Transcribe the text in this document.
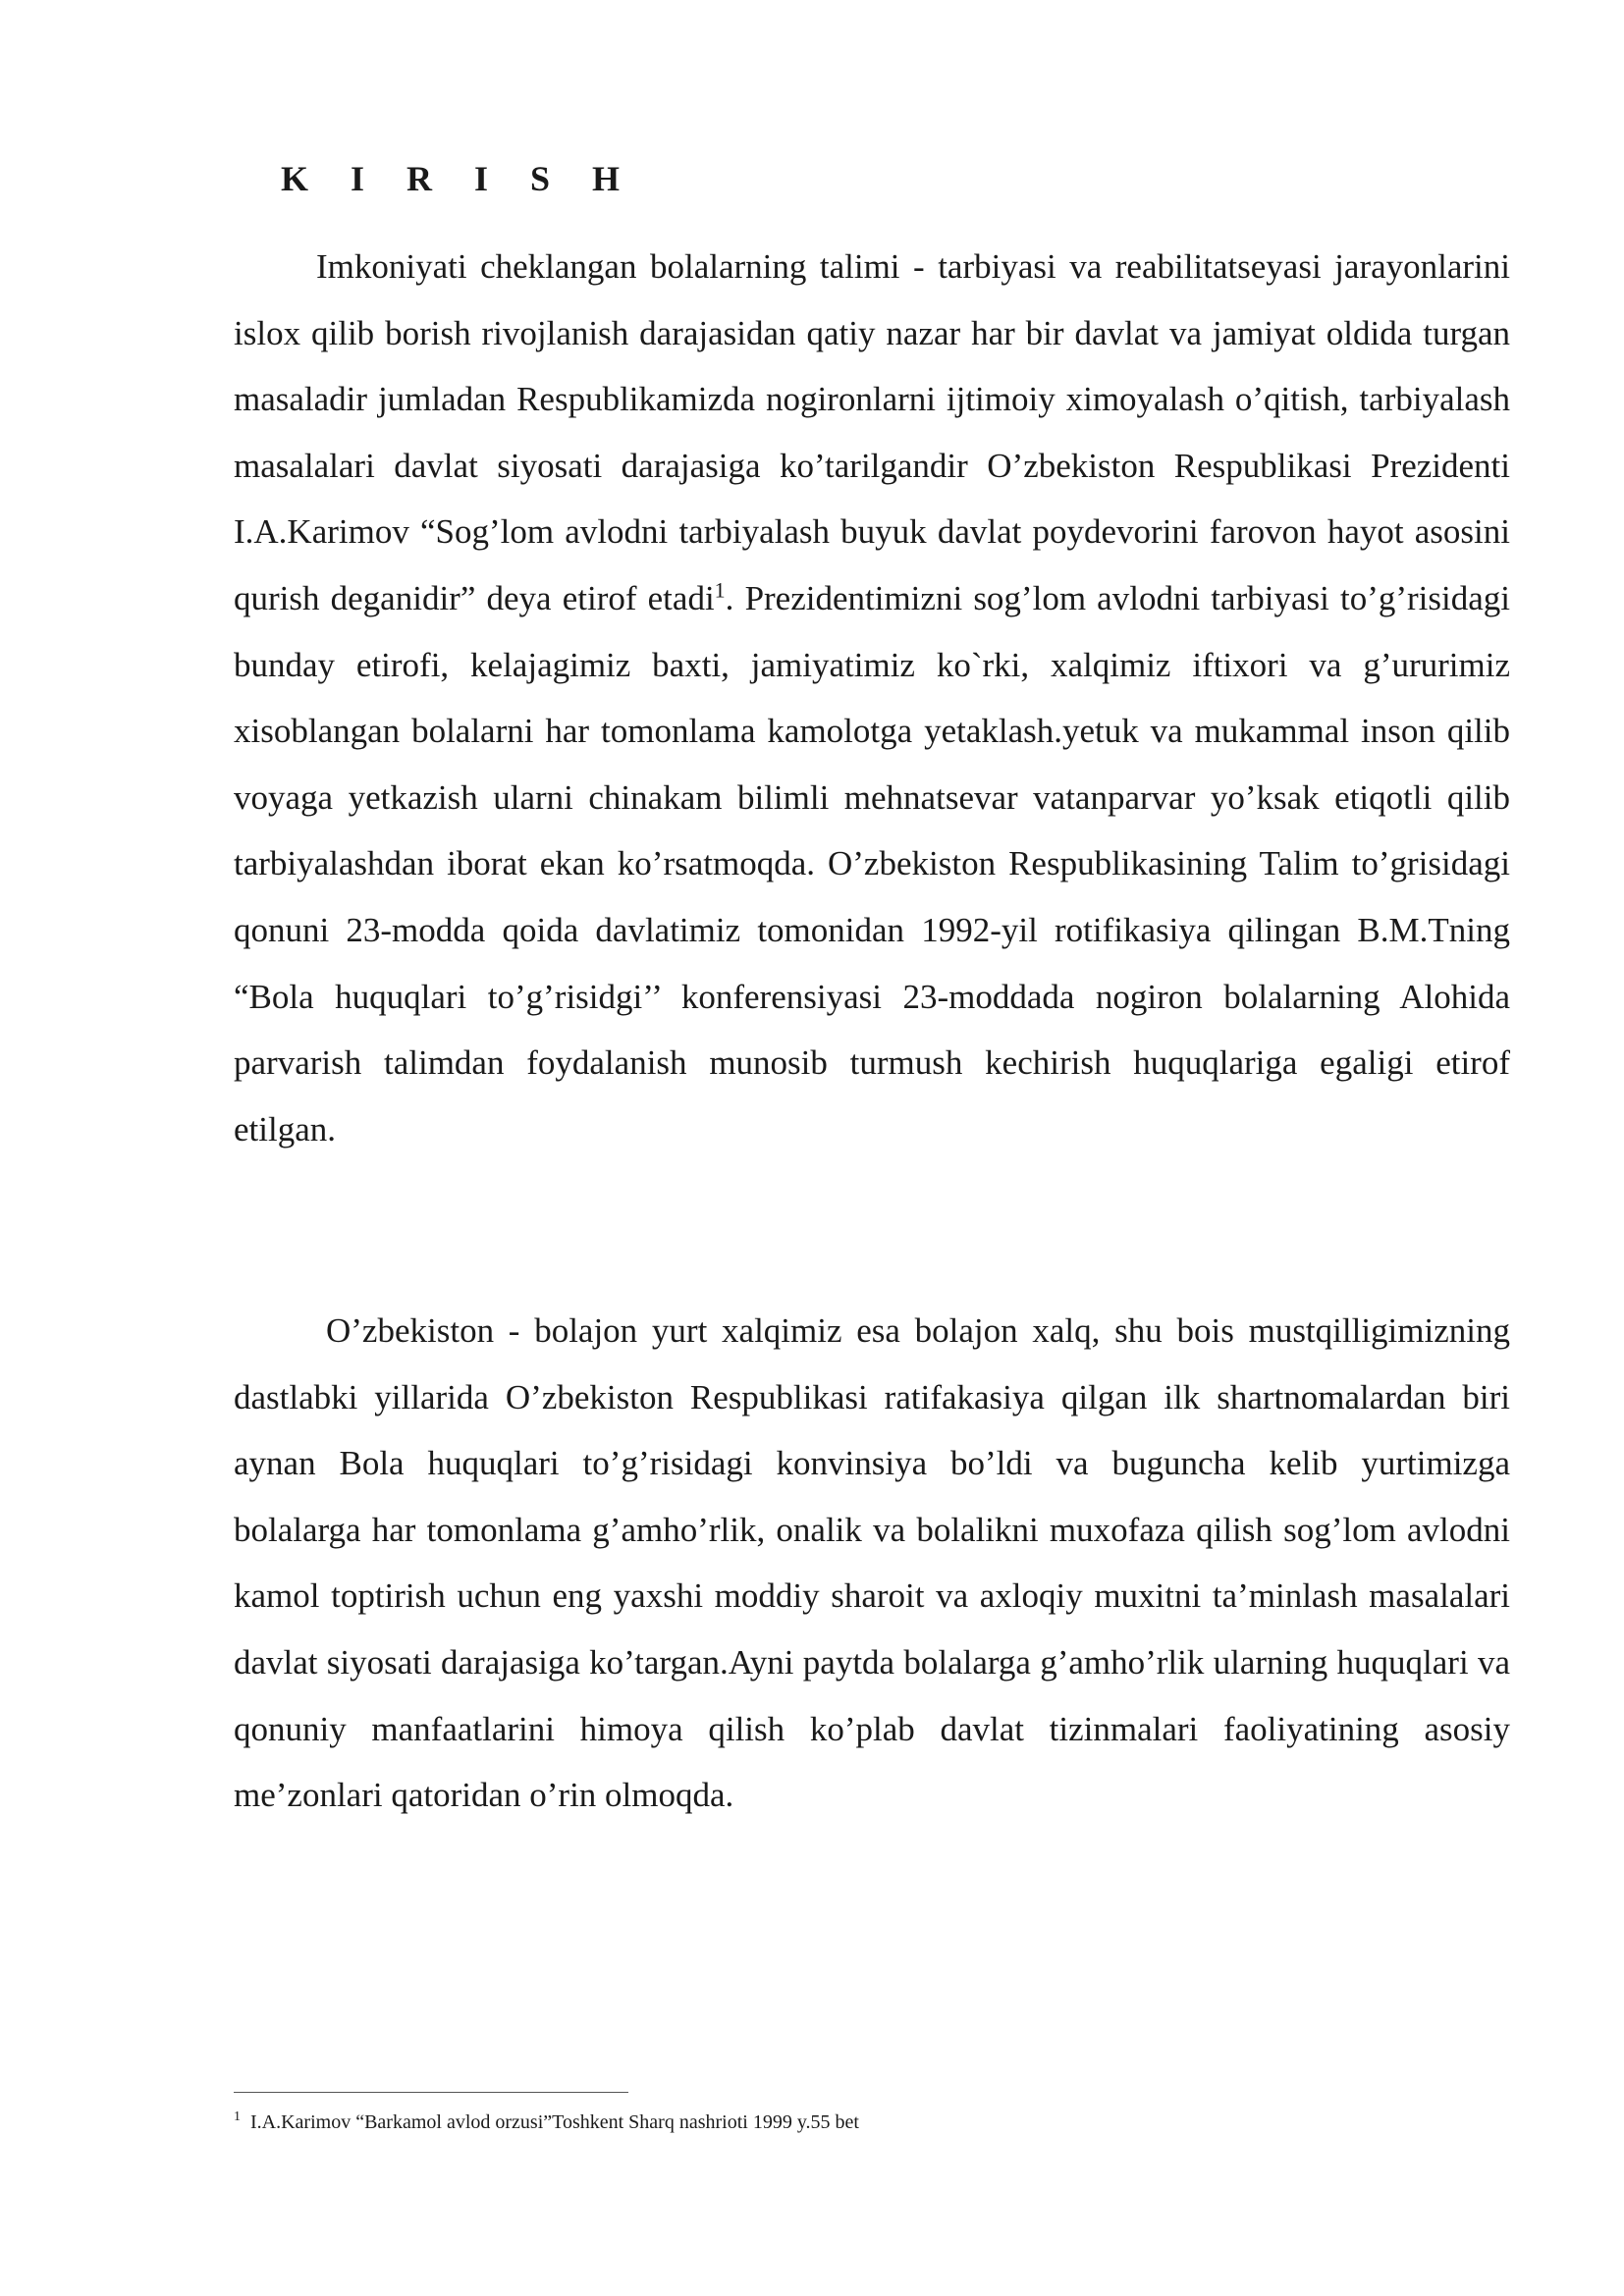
K I R I S H

Imkoniyati cheklangan bolalarning talimi - tarbiyasi va reabilitatseyasi jarayonlarini islox qilib borish rivojlanish darajasidan qatiy nazar har bir davlat va jamiyat oldida turgan masaladir jumladan Respublikamizda nogironlarni ijtimoiy ximoyalash o’qitish, tarbiyalash masalalari davlat siyosati darajasiga ko’tarilgandir O’zbekiston Respublikasi Prezidenti I.A.Karimov “Sog’lom avlodni tarbiyalash buyuk davlat poydevorini farovon hayot asosini qurish deganidir” deya etirof etadi$^1$. Prezidentimizni sog’lom avlodni tarbiyasi to’g’risidagi bunday etirofi, kelajagimiz baxti, jamiyatimiz ko`rki, xalqimiz iftixori va g’ururimiz xisoblangan bolalarni har tomonlama kamolotga yetaklash.yetuk va mukammal inson qilib voyaga yetkazish ularni chinakam bilimli mehnatsevar vatanparvar yo’ksak etiqotli qilib tarbiyalashdan iborat ekan ko’rsatmoqda. O’zbekiston Respublikasining Talim to’grisidagi qonuni 23-modda qoida davlatimiz tomonidan 1992-yil rotifikasiya qilingan B.M.Tning “Bola huquqlari to’g’risidgi’’ konferensiyasi 23-moddada nogiron bolalarning Alohida parvarish talimdan foydalanish munosib turmush kechirish huquqlariga egaligi etirof etilgan.

O’zbekiston - bolajon yurt xalqimiz esa bolajon xalq, shu bois mustqilligimizning dastlabki yillarida O’zbekiston Respublikasi ratifakasiya qilgan ilk shartnomalardan biri aynan Bola huquqlari to’g’risidagi konvinsiya bo’ldi va buguncha kelib yurtimizga bolalarga har tomonlama g’amho’rlik, onalik va bolalikni muxofaza qilish sog’lom avlodni kamol toptirish uchun eng yaxshi moddiy sharoit va axloqiy muxitni ta’minlash masalalari davlat siyosati darajasiga ko’targan.Ayni paytda bolalarga g’amho’rlik ularning huquqlari va qonuniy manfaatlarini himoya qilish ko’plab davlat tizinmalari faoliyatining asosiy me’zonlari qatoridan o’rin olmoqda.

$^1$ I.A.Karimov “Barkamol avlod orzusi”Toshkent Sharq nashrioti 1999 y.55 bet
